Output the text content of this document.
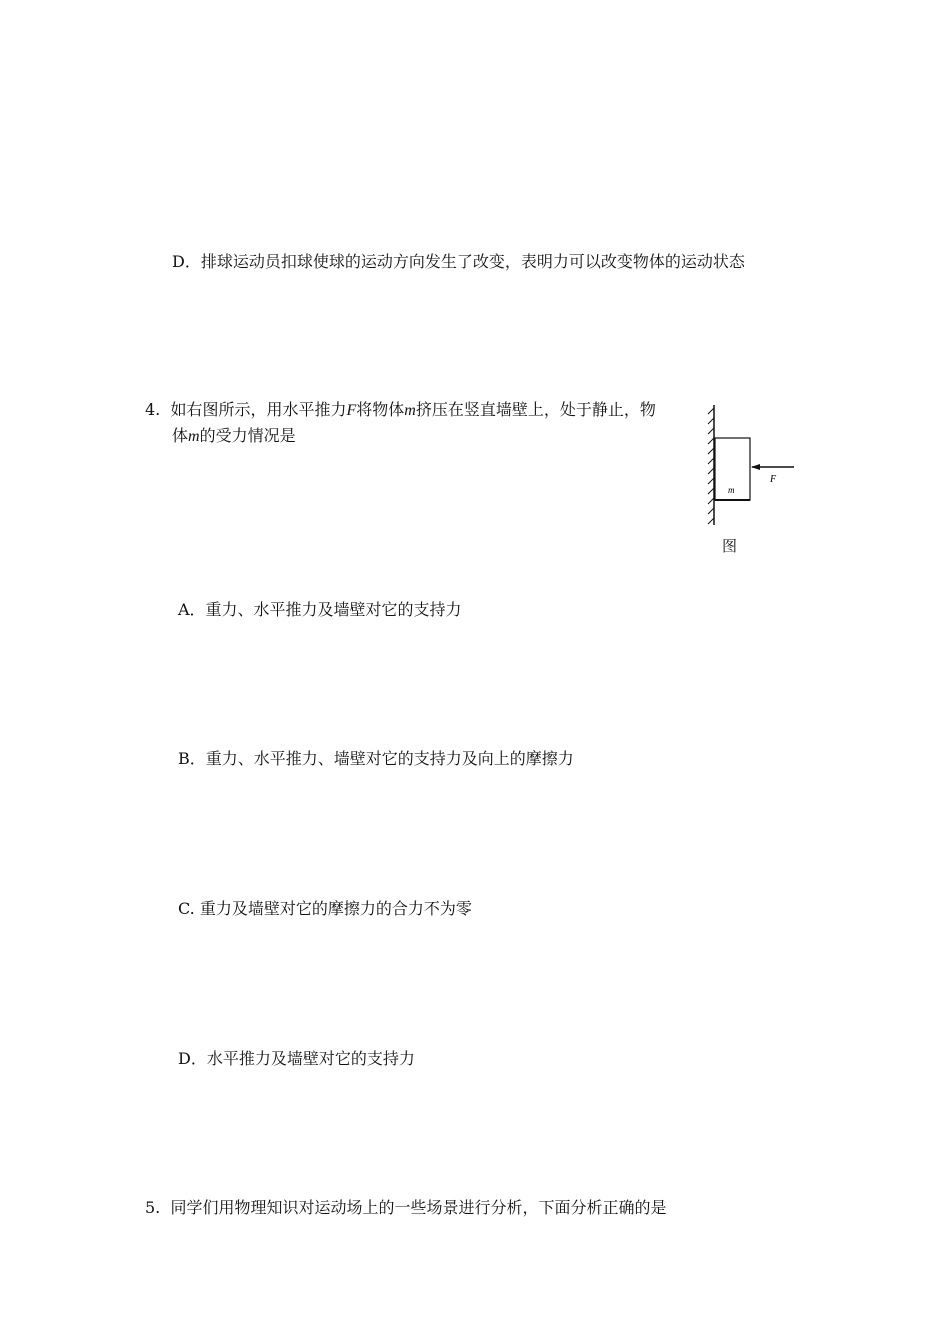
D．排球运动员扣球使球的运动方向发生了改变，表明力可以改变物体的运动状态
4. 如右图所示，用水平推力F将物体m挤压在竖直墙壁上，处于静止，物
体m的受力情况是
m
F
图
A．重力、水平推力及墙壁对它的支持力
B．重力、水平推力、墙壁对它的支持力及向上的摩擦力
C. 重力及墙壁对它的摩擦力的合力不为零
D．水平推力及墙壁对它的支持力
5. 同学们用物理知识对运动场上的一些场景进行分析，下面分析正确的是
